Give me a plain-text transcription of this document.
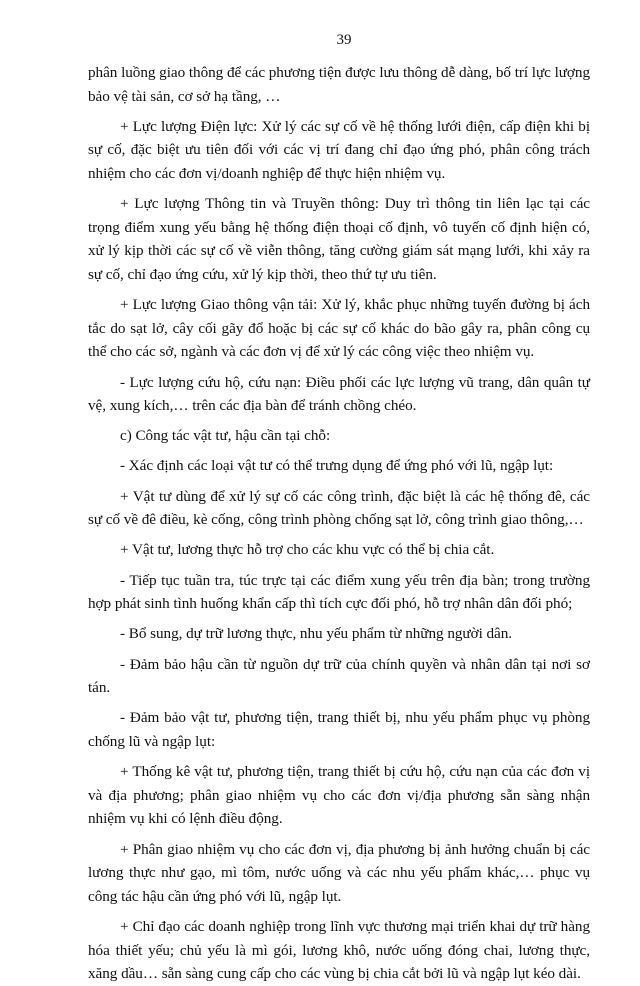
39

phân luồng giao thông để các phương tiện được lưu thông dễ dàng, bố trí lực lượng bảo vệ tài sản, cơ sở hạ tầng, …

+ Lực lượng Điện lực: Xử lý các sự cố về hệ thống lưới điện, cấp điện khi bị sự cố, đặc biệt ưu tiên đối với các vị trí đang chỉ đạo ứng phó, phân công trách nhiệm cho các đơn vị/doanh nghiệp để thực hiện nhiệm vụ.

+ Lực lượng Thông tin và Truyền thông: Duy trì thông tin liên lạc tại các trọng điểm xung yếu bằng hệ thống điện thoại cố định, vô tuyến cố định hiện có, xử lý kịp thời các sự cố về viễn thông, tăng cường giám sát mạng lưới, khi xảy ra sự cố, chỉ đạo ứng cứu, xử lý kịp thời, theo thứ tự ưu tiên.

+ Lực lượng Giao thông vận tải: Xử lý, khắc phục những tuyến đường bị ách tắc do sạt lở, cây cối gãy đổ hoặc bị các sự cố khác do bão gây ra, phân công cụ thể cho các sở, ngành và các đơn vị để xử lý các công việc theo nhiệm vụ.

- Lực lượng cứu hộ, cứu nạn: Điều phối các lực lượng vũ trang, dân quân tự vệ, xung kích,… trên các địa bàn để tránh chồng chéo.

c) Công tác vật tư, hậu cần tại chỗ:

- Xác định các loại vật tư có thể trưng dụng để ứng phó với lũ, ngập lụt:

+ Vật tư dùng để xử lý sự cố các công trình, đặc biệt là các hệ thống đê, các sự cố về đê điều, kè cống, công trình phòng chống sạt lở, công trình giao thông,…

+ Vật tư, lương thực hỗ trợ cho các khu vực có thể bị chia cắt.

- Tiếp tục tuần tra, túc trực tại các điểm xung yếu trên địa bàn; trong trường hợp phát sinh tình huống khẩn cấp thì tích cực đối phó, hỗ trợ nhân dân đối phó;

- Bổ sung, dự trữ lương thực, nhu yếu phẩm từ những người dân.

- Đảm bảo hậu cần từ nguồn dự trữ của chính quyền và nhân dân tại nơi sơ tán.

- Đảm bảo vật tư, phương tiện, trang thiết bị, nhu yếu phẩm phục vụ phòng chống lũ và ngập lụt:

+ Thống kê vật tư, phương tiện, trang thiết bị cứu hộ, cứu nạn của các đơn vị và địa phương; phân giao nhiệm vụ cho các đơn vị/địa phương sẵn sàng nhận nhiệm vụ khi có lệnh điều động.

+ Phân giao nhiệm vụ cho các đơn vị, địa phương bị ảnh hưởng chuẩn bị các lương thực như gạo, mì tôm, nước uống và các nhu yếu phẩm khác,… phục vụ công tác hậu cần ứng phó với lũ, ngập lụt.

+ Chỉ đạo các doanh nghiệp trong lĩnh vực thương mại triển khai dự trữ hàng hóa thiết yếu; chủ yếu là mì gói, lương khô, nước uống đóng chai, lương thực, xăng dầu… sẵn sàng cung cấp cho các vùng bị chia cắt bởi lũ và ngập lụt kéo dài.
